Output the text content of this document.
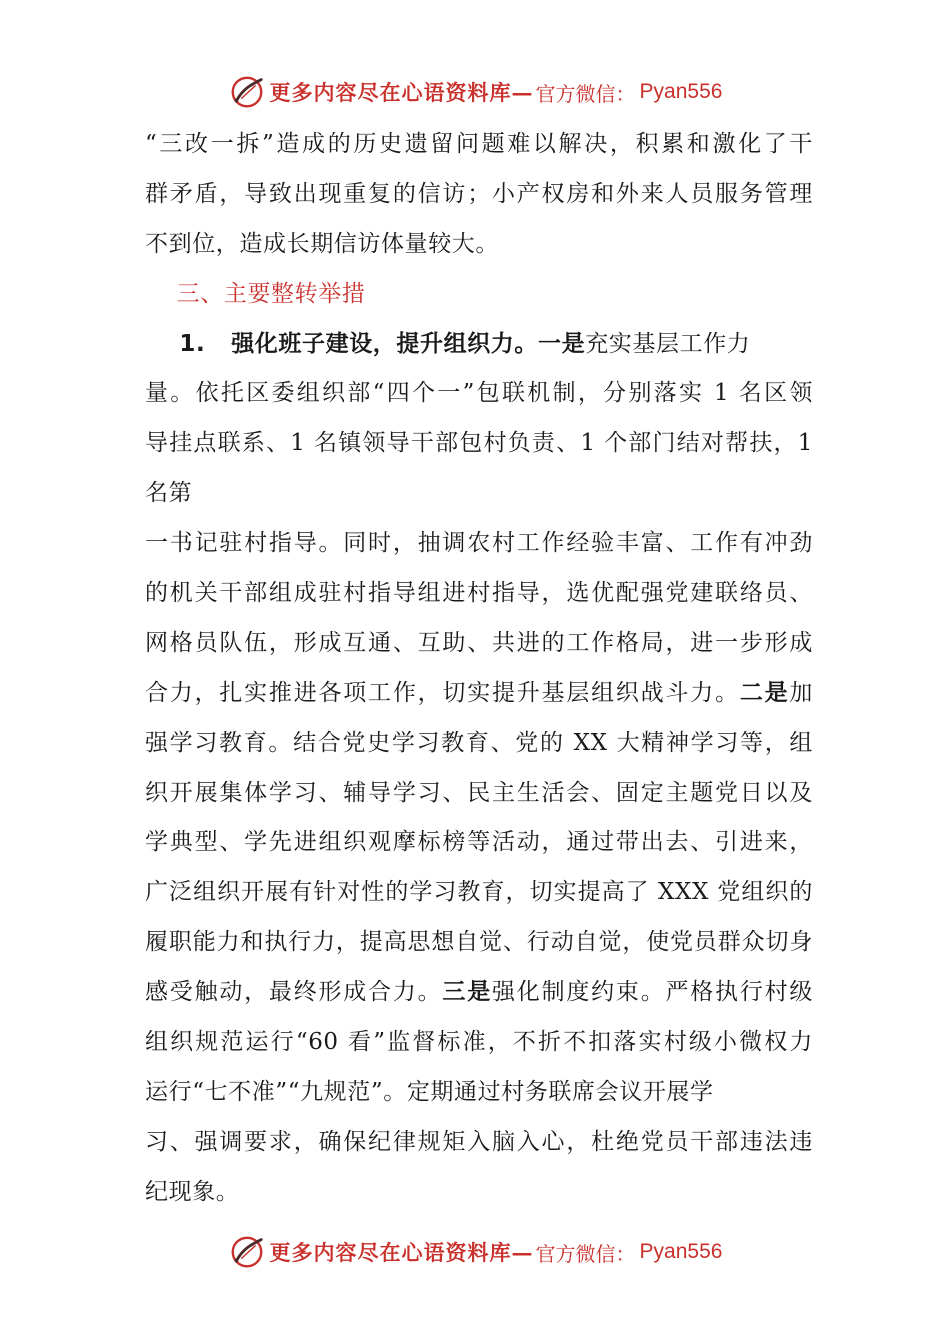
更多内容尽在心语资料库— 官方微信： Pyan556
“三改一拆”造成的历史遗留问题难以解决，积累和激化了干
群矛盾，导致出现重复的信访；小产权房和外来人员服务管理
不到位，造成长期信访体量较大。
三、主要整转举措
1.   强化班子建设，提升组织力。一是充实基层工作力
量。依托区委组织部“四个一”包联机制，分别落实 1 名区领
导挂点联系、1 名镇领导干部包村负责、1 个部门结对帮扶，1
名第
一书记驻村指导。同时，抽调农村工作经验丰富、工作有冲劲
的机关干部组成驻村指导组进村指导，选优配强党建联络员、
网格员队伍，形成互通、互助、共进的工作格局，进一步形成
合力，扎实推进各项工作，切实提升基层组织战斗力。二是加
强学习教育。结合党史学习教育、党的 XX 大精神学习等，组
织开展集体学习、辅导学习、民主生活会、固定主题党日以及
学典型、学先进组织观摩标榜等活动，通过带出去、引进来，
广泛组织开展有针对性的学习教育，切实提高了 XXX 党组织的
履职能力和执行力，提高思想自觉、行动自觉，使党员群众切身
感受触动，最终形成合力。三是强化制度约束。严格执行村级
组织规范运行“60 看”监督标准，不折不扣落实村级小微权力
运行“七不准”“九规范”。定期通过村务联席会议开展学
习、强调要求，确保纪律规矩入脑入心，杜绝党员干部违法违
纪现象。
更多内容尽在心语资料库— 官方微信： Pyan556
